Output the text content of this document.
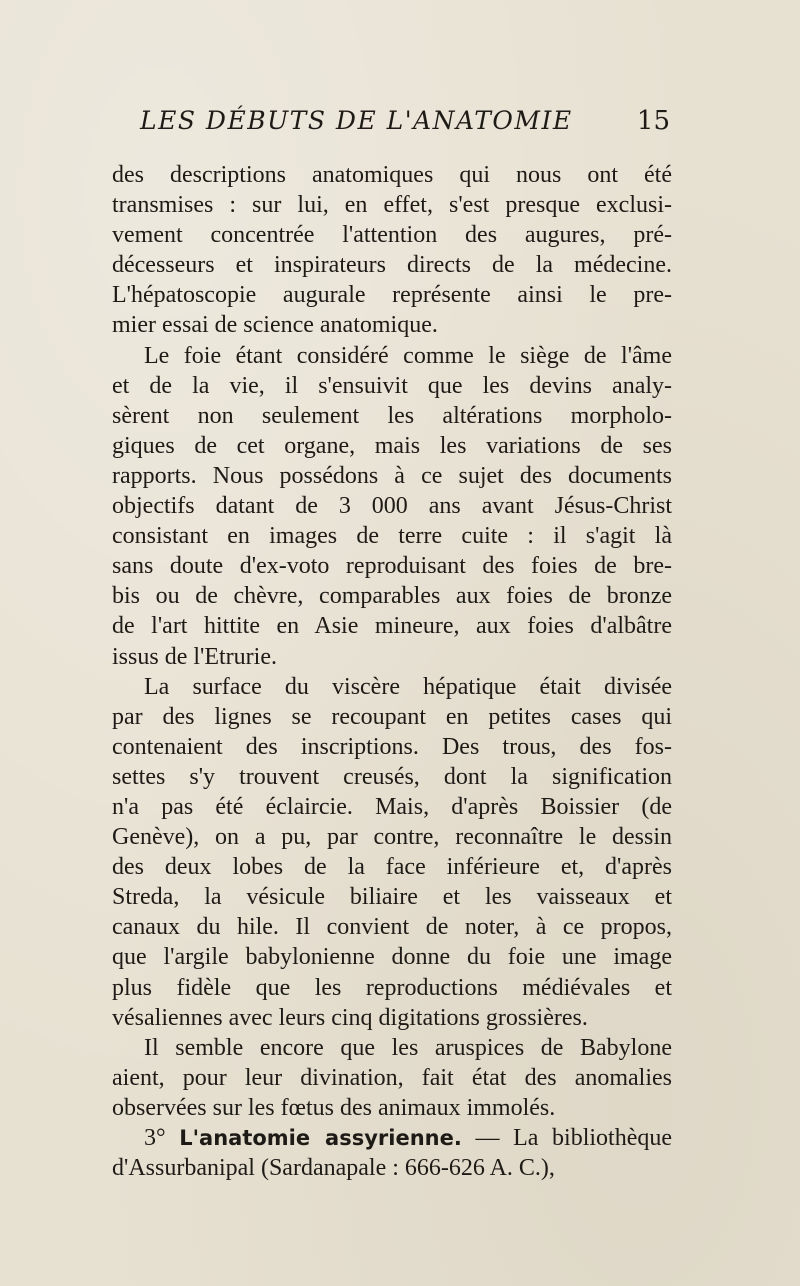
LES DÉBUTS DE L'ANATOMIE 15
des descriptions anatomiques qui nous ont été
transmises : sur lui, en effet, s'est presque exclusi-
vement concentrée l'attention des augures, pré-
décesseurs et inspirateurs directs de la médecine.
L'hépatoscopie augurale représente ainsi le pre-
mier essai de science anatomique.
Le foie étant considéré comme le siège de l'âme
et de la vie, il s'ensuivit que les devins analy-
sèrent non seulement les altérations morpholo-
giques de cet organe, mais les variations de ses
rapports. Nous possédons à ce sujet des documents
objectifs datant de 3 000 ans avant Jésus-Christ
consistant en images de terre cuite : il s'agit là
sans doute d'ex-voto reproduisant des foies de bre-
bis ou de chèvre, comparables aux foies de bronze
de l'art hittite en Asie mineure, aux foies d'albâtre
issus de l'Etrurie.
La surface du viscère hépatique était divisée
par des lignes se recoupant en petites cases qui
contenaient des inscriptions. Des trous, des fos-
settes s'y trouvent creusés, dont la signification
n'a pas été éclaircie. Mais, d'après Boissier (de
Genève), on a pu, par contre, reconnaître le dessin
des deux lobes de la face inférieure et, d'après
Streda, la vésicule biliaire et les vaisseaux et
canaux du hile. Il convient de noter, à ce propos,
que l'argile babylonienne donne du foie une image
plus fidèle que les reproductions médiévales et
vésaliennes avec leurs cinq digitations grossières.
Il semble encore que les aruspices de Babylone
aient, pour leur divination, fait état des anomalies
observées sur les fœtus des animaux immolés.
3° L'anatomie assyrienne. — La bibliothèque
d'Assurbanipal (Sardanapale : 666-626 A. C.),
